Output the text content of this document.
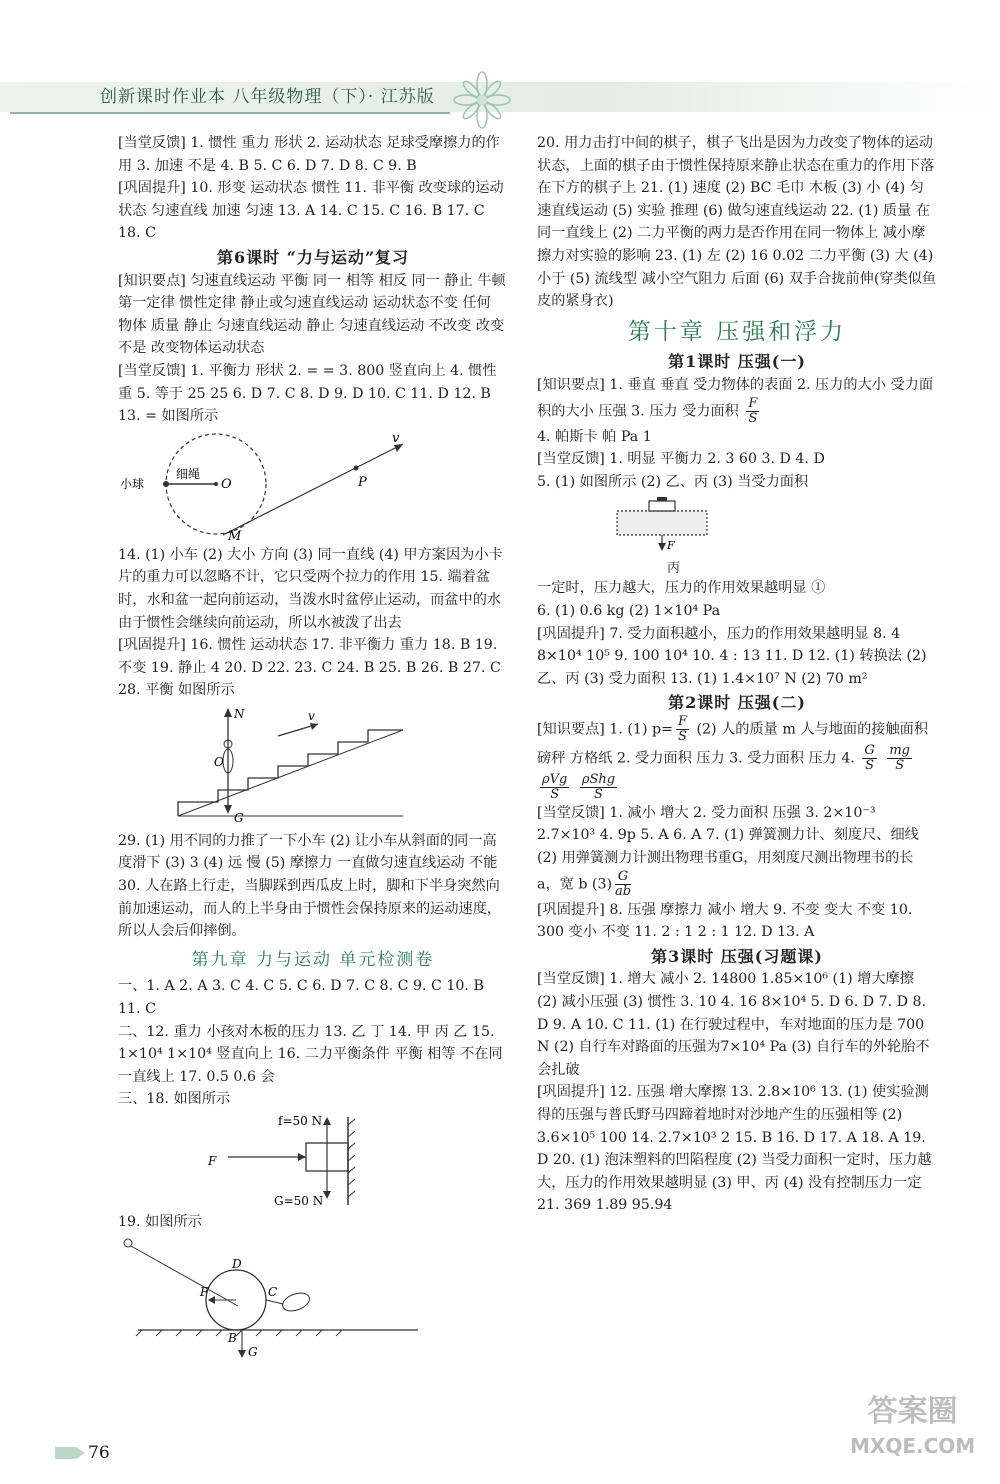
创新课时作业本 八年级物理（下）· 江苏版

[当堂反馈] 1. 惯性 重力 形状 2. 运动状态 足球受摩擦力的作用 3. 加速 不是 4. B 5. C 6. D 7. D 8. C 9. B

[巩固提升] 10. 形变 运动状态 惯性 11. 非平衡 改变球的运动状态 匀速直线 加速 匀速 13. A 14. C 15. C 16. B 17. C 18. C

第6课时 “力与运动”复习

[知识要点] 匀速直线运动 平衡 同一 相等 相反 同一 静止 牛顿第一定律 惯性定律 静止或匀速直线运动 运动状态不变 任何 物体 质量 静止 匀速直线运动 静止 匀速直线运动 不改变 改变 不是 改变物体运动状态

[当堂反馈] 1. 平衡力 形状 2. = = 3. 800 竖直向上 4. 惯性 重 5. 等于 25 25 6. D 7. C 8. D 9. D 10. C 11. D 12. B

13. = 如图所示

小球
细绳
O
v
P
M

14. (1) 小车 (2) 大小 方向 (3) 同一直线 (4) 甲方案因为小卡片的重力可以忽略不计，它只受两个拉力的作用 15. 端着盆时，水和盆一起向前运动，当泼水时盆停止运动，而盆中的水由于惯性会继续向前运动，所以水被泼了出去

[巩固提升] 16. 惯性 运动状态 17. 非平衡力 重力 18. B 19. 不变 19. 静止 4 20. D 22. 23. C 24. B 25. B 26. B 27. C 28. 平衡 如图所示

N
O
v
G

29. (1) 用不同的力推了一下小车 (2) 让小车从斜面的同一高度滑下 (3) 3 (4) 远 慢 (5) 摩擦力 一直做匀速直线运动 不能 30. 人在路上行走，当脚踩到西瓜皮上时，脚和下半身突然向前加速运动，而人的上半身由于惯性会保持原来的运动速度，所以人会后仰摔倒。

第九章 力与运动 单元检测卷

一、1. A 2. A 3. C 4. C 5. C 6. D 7. C 8. C 9. C 10. B 11. C

二、12. 重力 小孩对木板的压力 13. 乙 丁 14. 甲 丙 乙 15. 1×10⁴ 1×10⁴ 竖直向上 16. 二力平衡条件 平衡 相等 不在同一直线上 17. 0.5 0.6 会

三、18. 如图所示

f=50 N
F
G=50 N

19. 如图所示

D
F	C
B
G

20. 用力击打中间的棋子，棋子飞出是因为力改变了物体的运动状态，上面的棋子由于惯性保持原来静止状态在重力的作用下落在下方的棋子上 21. (1) 速度 (2) BC 毛巾 木板 (3) 小 (4) 匀速直线运动 (5) 实验 推理 (6) 做匀速直线运动 22. (1) 质量 在同一直线上 (2) 二力平衡的两力是否作用在同一物体上 减小摩擦力对实验的影响 23. (1) 左 (2) 16 0.02 二力平衡 (3) 大 (4) 小于 (5) 流线型 减小空气阻力 后面 (6) 双手合拢前伸(穿类似鱼皮的紧身衣)

第十章 压强和浮力

第1课时 压强(一)

[知识要点] 1. 垂直 垂直 受力物体的表面 2. 压力的大小 受力面积的大小 压强 3. 压力 受力面积 $\frac{F}{S}$

4. 帕斯卡 帕 Pa 1

[当堂反馈] 1. 明显 平衡力 2. 3 60 3. D 4. D

5. (1) 如图所示 (2) 乙、丙 (3) 当受力面积

F

丙

一定时，压力越大，压力的作用效果越明显 ①

6. (1) 0.6 kg (2) 1×10⁴ Pa

[巩固提升] 7. 受力面积越小，压力的作用效果越明显 8. 4 8×10⁴ 10⁵ 9. 100 10⁴ 10. 4 : 13 11. D 12. (1) 转换法 (2) 乙、丙 (3) 受力面积 13. (1) 1.4×10⁷ N (2) 70 m²

第2课时 压强(二)

[知识要点] 1. (1) $p= \frac{F}{S} (2)$ 人的质量 m 人与地面的接触面积 磅秤 方格纸 2. 受力面积 压力 3. 受力面积 压力 4. $\frac{G}{S}$
$\frac{mg}{S}$

$\frac{\text{ρVg}}{S}$
$\frac{\text{ρShg}}{S}$

[当堂反馈] 1. 减小 增大 2. 受力面积 压强 3. 2×10⁻³ 2.7×10³ 4. 9p 5. A 6. A 7. (1) 弹簧测力计、刻度尺、细线 (2) 用弹簧测力计测出物理书重G，用刻度尺测出物理书的长 a，宽 b $(3) \frac{G}{ab}$

[巩固提升] 8. 压强 摩擦力 减小 增大 9. 不变 变大 不变 10. 300 变小 不变 11. 2 : 1 2 : 1 12. D 13. A

第3课时 压强(习题课)

[当堂反馈] 1. 增大 减小 2. 14800 1.85×10⁶ (1) 增大摩擦 (2) 减小压强 (3) 惯性 3. 10 4. 16 8×10⁴ 5. D 6. D 7. D 8. D 9. A 10. C 11. (1) 在行驶过程中，车对地面的压力是 700 N (2) 自行车对路面的压强为7×10⁴ Pa (3) 自行车的外轮胎不会扎破

[巩固提升] 12. 压强 增大摩擦 13. 2.8×10⁶ 13. (1) 使实验测得的压强与普氏野马四蹄着地时对沙地产生的压强相等 (2) 3.6×10⁵ 100 14. 2.7×10³ 2 15. B 16. D 17. A 18. A 19. D 20. (1) 泡沫塑料的凹陷程度 (2) 当受力面积一定时，压力越大，压力的作用效果越明显 (3) 甲、丙 (4) 没有控制压力一定 21. 369 1.89 95.94

76
答案圈
MXQE.COM
